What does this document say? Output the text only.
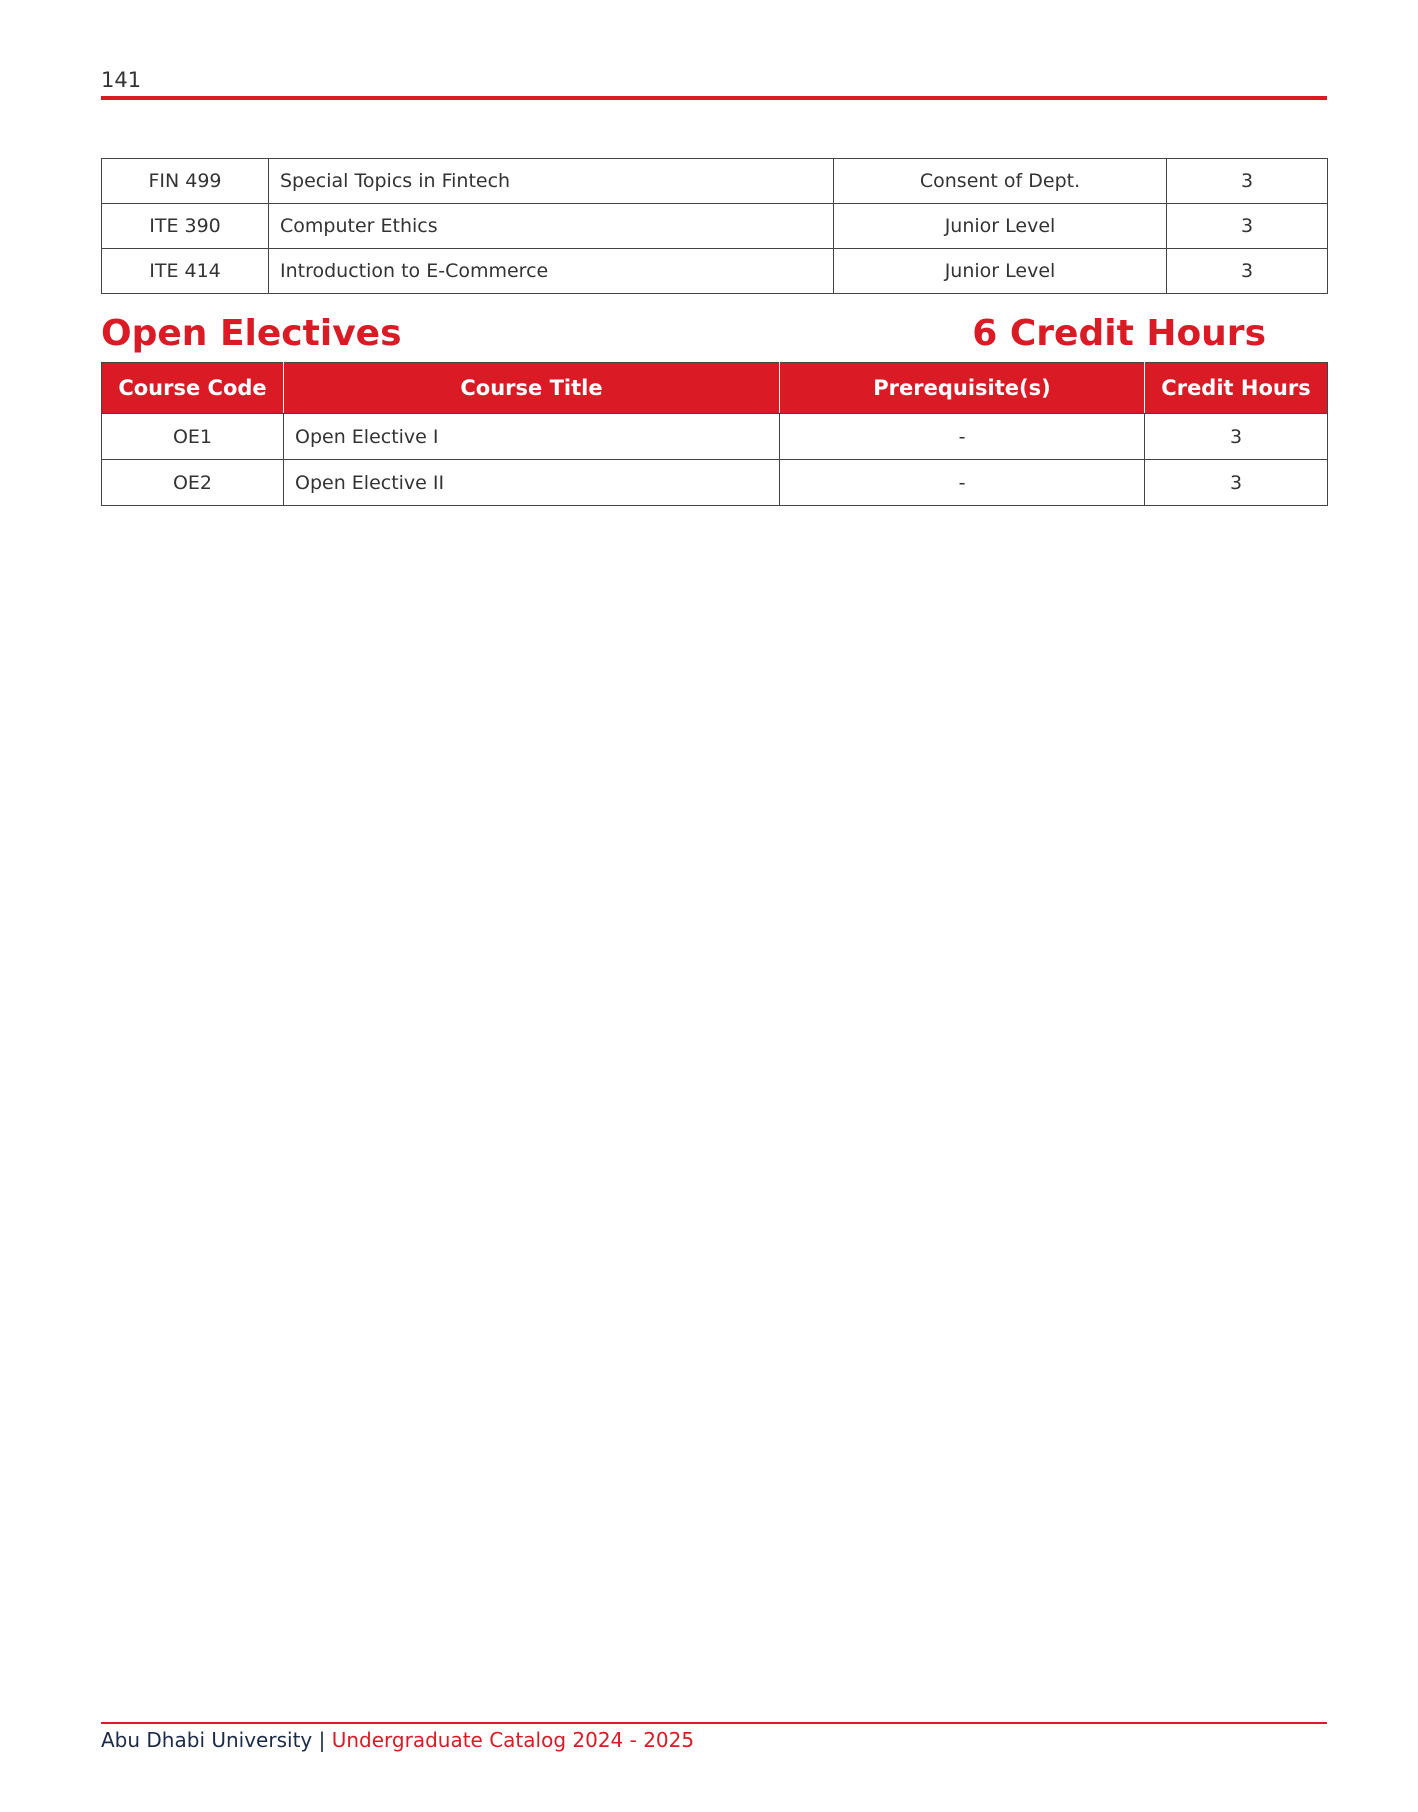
141
FIN 499	Special Topics in Fintech	Consent of Dept.	3
ITE 390	Computer Ethics	Junior Level	3
ITE 414	Introduction to E-Commerce	Junior Level	3
Open Electives	6 Credit Hours
Course Code	Course Title	Prerequisite(s)	Credit Hours
OE1	Open Elective I	-	3
OE2	Open Elective II	-	3
Abu Dhabi University | Undergraduate Catalog 2024 - 2025
